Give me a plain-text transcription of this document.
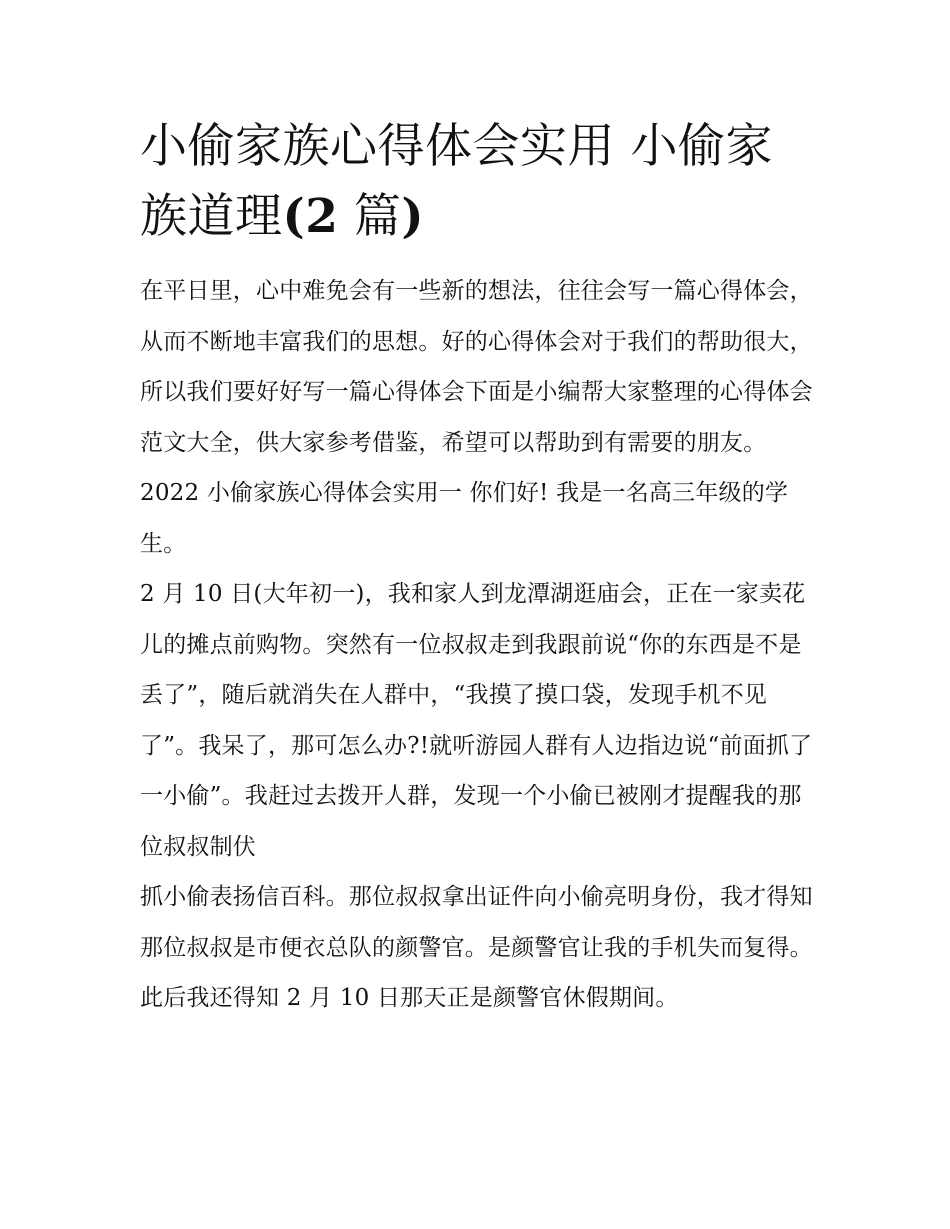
小偷家族心得体会实用 小偷家族道理(2 篇)

在平日里，心中难免会有一些新的想法，往往会写一篇心得体会，从而不断地丰富我们的思想。好的心得体会对于我们的帮助很大，所以我们要好好写一篇心得体会下面是小编帮大家整理的心得体会范文大全，供大家参考借鉴，希望可以帮助到有需要的朋友。

2022 小偷家族心得体会实用一 你们好! 我是一名高三年级的学生。

2 月 10 日(大年初一)，我和家人到龙潭湖逛庙会，正在一家卖花儿的摊点前购物。突然有一位叔叔走到我跟前说“你的东西是不是丢了”，随后就消失在人群中，“我摸了摸口袋，发现手机不见了”。我呆了，那可怎么办?!就听游园人群有人边指边说“前面抓了一小偷”。我赶过去拨开人群，发现一个小偷已被刚才提醒我的那位叔叔制伏

抓小偷表扬信百科。那位叔叔拿出证件向小偷亮明身份，我才得知那位叔叔是市便衣总队的颜警官。是颜警官让我的手机失而复得。此后我还得知 2 月 10 日那天正是颜警官休假期间。
